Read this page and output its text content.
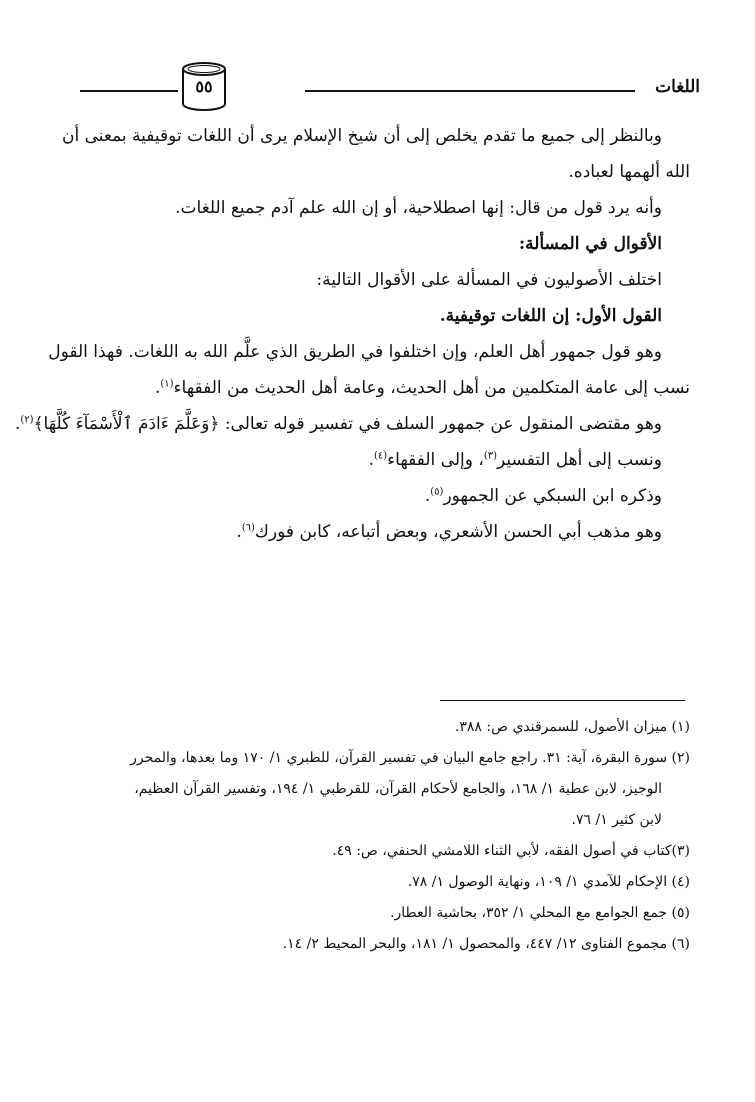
اللغات
٥٥
وبالنظر إلى جميع ما تقدم يخلص إلى أن شيخ الإسلام يرى أن اللغات توقيفية بمعنى أن
الله ألهمها لعباده.
وأنه يرد قول من قال: إنها اصطلاحية، أو إن الله علم آدم جميع اللغات.
الأقوال في المسألة:
اختلف الأصوليون في المسألة على الأقوال التالية:
القول الأول: إن اللغات توقيفية.
وهو قول جمهور أهل العلم، وإن اختلفوا في الطريق الذي علَّم الله به اللغات. فهذا القول
نسب إلى عامة المتكلمين من أهل الحديث، وعامة أهل الحديث من الفقهاء$^{(١)}$.
وهو مقتضى المنقول عن جمهور السلف في تفسير قوله تعالى: ﴿وَعَلَّمَ ءَادَمَ ٱلْأَسْمَآءَ كُلَّهَا﴾$^{(٢)}$.
ونسب إلى أهل التفسير$^{(٣)}$، وإلى الفقهاء$^{(٤)}$.
وذكره ابن السبكي عن الجمهور$^{(٥)}$.
وهو مذهب أبي الحسن الأشعري، وبعض أتباعه، كابن فورك$^{(٦)}$.
(١) ميزان الأصول، للسمرقندي ص: ٣٨٨.
(٢) سورة البقرة، آية: ٣١. راجع جامع البيان في تفسير القرآن، للطبري ١/ ١٧٠ وما بعدها، والمحرر
الوجيز، لابن عطية ١/ ١٦٨، والجامع لأحكام القرآن، للقرطبي ١/ ١٩٤، وتفسير القرآن العظيم،
لابن كثير ١/ ٧٦.
(٣)كتاب في أصول الفقه، لأبي الثناء اللامشي الحنفي، ص: ٤٩.
(٤) الإحكام للآمدي ١/ ١٠٩، ونهاية الوصول ١/ ٧٨.
(٥) جمع الجوامع مع المحلي ١/ ٣٥٢، بحاشية العطار.
(٦) مجموع الفتاوى ١٢/ ٤٤٧، والمحصول ١/ ١٨١، والبحر المحيط ٢/ ١٤.
